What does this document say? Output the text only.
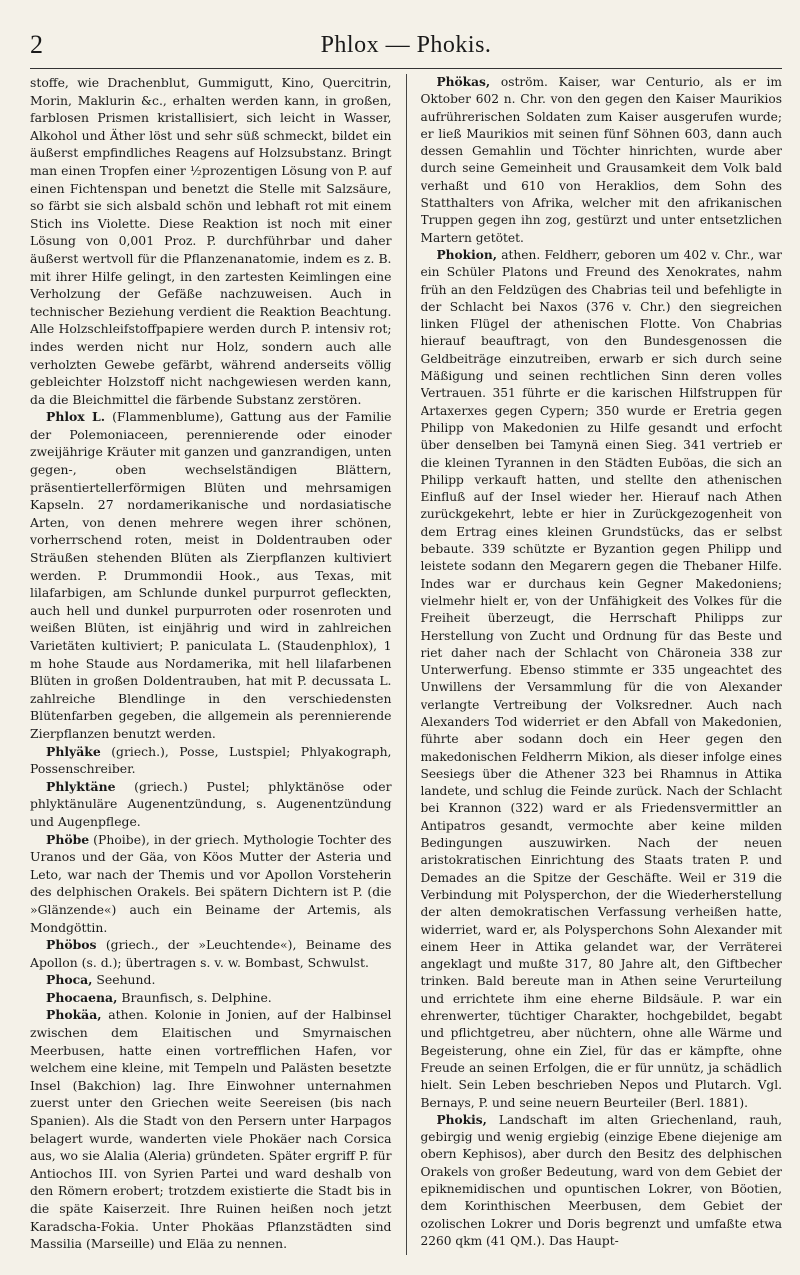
2	Phlox — Phokis.

stoffe, wie Drachenblut, Gummigutt, Kino, Quercitrin, Morin, Maklurin &c., erhalten werden kann, in großen, farblosen Prismen kristallisiert, sich leicht in Wasser, Alkohol und Äther löst und sehr süß schmeckt, bildet ein äußerst empfindliches Reagens auf Holzsubstanz. Bringt man einen Tropfen einer ½prozentigen Lösung von P. auf einen Fichtenspan und benetzt die Stelle mit Salzsäure, so färbt sie sich alsbald schön und lebhaft rot mit einem Stich ins Violette. Diese Reaktion ist noch mit einer Lösung von 0,001 Proz. P. durchführbar und daher äußerst wertvoll für die Pflanzenanatomie, indem es z. B. mit ihrer Hilfe gelingt, in den zartesten Keimlingen eine Verholzung der Gefäße nachzuweisen. Auch in technischer Beziehung verdient die Reaktion Beachtung. Alle Holzschleifstoffpapiere werden durch P. intensiv rot; indes werden nicht nur Holz, sondern auch alle verholzten Gewebe gefärbt, während anderseits völlig gebleichter Holzstoff nicht nachgewiesen werden kann, da die Bleichmittel die färbende Substanz zerstören.

Phlox L. (Flammenblume), Gattung aus der Familie der Polemoniaceen, perennierende oder einoder zweijährige Kräuter mit ganzen und ganzrandigen, unten gegen-, oben wechselständigen Blättern, präsentiertellerförmigen Blüten und mehrsamigen Kapseln. 27 nordamerikanische und nordasiatische Arten, von denen mehrere wegen ihrer schönen, vorherrschend roten, meist in Doldentrauben oder Sträußen stehenden Blüten als Zierpflanzen kultiviert werden. P. Drummondii Hook., aus Texas, mit lilafarbigen, am Schlunde dunkel purpurrot gefleckten, auch hell und dunkel purpurroten oder rosenroten und weißen Blüten, ist einjährig und wird in zahlreichen Varietäten kultiviert; P. paniculata L. (Staudenphlox), 1 m hohe Staude aus Nordamerika, mit hell lilafarbenen Blüten in großen Doldentrauben, hat mit P. decussata L. zahlreiche Blendlinge in den verschiedensten Blütenfarben gegeben, die allgemein als perennierende Zierpflanzen benutzt werden.

Phlyäke (griech.), Posse, Lustspiel; Phlyakograph, Possenschreiber.

Phlyktäne (griech.) Pustel; phlyktänöse oder phlyktänuläre Augenentzündung, s. Augenentzündung und Augenpflege.

Phöbe (Phoibe), in der griech. Mythologie Tochter des Uranos und der Gäa, von Köos Mutter der Asteria und Leto, war nach der Themis und vor Apollon Vorsteherin des delphischen Orakels. Bei spätern Dichtern ist P. (die »Glänzende«) auch ein Beiname der Artemis, als Mondgöttin.

Phöbos (griech., der »Leuchtende«), Beiname des Apollon (s. d.); übertragen s. v. w. Bombast, Schwulst.

Phoca, Seehund.

Phocaena, Braunfisch, s. Delphine.

Phokäa, athen. Kolonie in Jonien, auf der Halbinsel zwischen dem Elaitischen und Smyrnaischen Meerbusen, hatte einen vortrefflichen Hafen, vor welchem eine kleine, mit Tempeln und Palästen besetzte Insel (Bakchion) lag. Ihre Einwohner unternahmen zuerst unter den Griechen weite Seereisen (bis nach Spanien). Als die Stadt von den Persern unter Harpagos belagert wurde, wanderten viele Phokäer nach Corsica aus, wo sie Alalia (Aleria) gründeten. Später ergriff P. für Antiochos III. von Syrien Partei und ward deshalb von den Römern erobert; trotzdem existierte die Stadt bis in die späte Kaiserzeit. Ihre Ruinen heißen noch jetzt Karadscha-Fokia. Unter Phokäas Pflanzstädten sind Massilia (Marseille) und Eläa zu nennen.

Phökas, oström. Kaiser, war Centurio, als er im Oktober 602 n. Chr. von den gegen den Kaiser Maurikios aufrührerischen Soldaten zum Kaiser ausgerufen wurde; er ließ Maurikios mit seinen fünf Söhnen 603, dann auch dessen Gemahlin und Töchter hinrichten, wurde aber durch seine Gemeinheit und Grausamkeit dem Volk bald verhaßt und 610 von Heraklios, dem Sohn des Statthalters von Afrika, welcher mit den afrikanischen Truppen gegen ihn zog, gestürzt und unter entsetzlichen Martern getötet.

Phokion, athen. Feldherr, geboren um 402 v. Chr., war ein Schüler Platons und Freund des Xenokrates, nahm früh an den Feldzügen des Chabrias teil und befehligte in der Schlacht bei Naxos (376 v. Chr.) den siegreichen linken Flügel der athenischen Flotte. Von Chabrias hierauf beauftragt, von den Bundesgenossen die Geldbeiträge einzutreiben, erwarb er sich durch seine Mäßigung und seinen rechtlichen Sinn deren volles Vertrauen. 351 führte er die karischen Hilfstruppen für Artaxerxes gegen Cypern; 350 wurde er Eretria gegen Philipp von Makedonien zu Hilfe gesandt und erfocht über denselben bei Tamynä einen Sieg. 341 vertrieb er die kleinen Tyrannen in den Städten Euböas, die sich an Philipp verkauft hatten, und stellte den athenischen Einfluß auf der Insel wieder her. Hierauf nach Athen zurückgekehrt, lebte er hier in Zurückgezogenheit von dem Ertrag eines kleinen Grundstücks, das er selbst bebaute. 339 schützte er Byzantion gegen Philipp und leistete sodann den Megarern gegen die Thebaner Hilfe. Indes war er durchaus kein Gegner Makedoniens; vielmehr hielt er, von der Unfähigkeit des Volkes für die Freiheit überzeugt, die Herrschaft Philipps zur Herstellung von Zucht und Ordnung für das Beste und riet daher nach der Schlacht von Chäroneia 338 zur Unterwerfung. Ebenso stimmte er 335 ungeachtet des Unwillens der Versammlung für die von Alexander verlangte Vertreibung der Volksredner. Auch nach Alexanders Tod widerriet er den Abfall von Makedonien, führte aber sodann doch ein Heer gegen den makedonischen Feldherrn Mikion, als dieser infolge eines Seesiegs über die Athener 323 bei Rhamnus in Attika landete, und schlug die Feinde zurück. Nach der Schlacht bei Krannon (322) ward er als Friedensvermittler an Antipatros gesandt, vermochte aber keine milden Bedingungen auszuwirken. Nach der neuen aristokratischen Einrichtung des Staats traten P. und Demades an die Spitze der Geschäfte. Weil er 319 die Verbindung mit Polysperchon, der die Wiederherstellung der alten demokratischen Verfassung verheißen hatte, widerriet, ward er, als Polysperchons Sohn Alexander mit einem Heer in Attika gelandet war, der Verräterei angeklagt und mußte 317, 80 Jahre alt, den Giftbecher trinken. Bald bereute man in Athen seine Verurteilung und errichtete ihm eine eherne Bildsäule. P. war ein ehrenwerter, tüchtiger Charakter, hochgebildet, begabt und pflichtgetreu, aber nüchtern, ohne alle Wärme und Begeisterung, ohne ein Ziel, für das er kämpfte, ohne Freude an seinen Erfolgen, die er für unnütz, ja schädlich hielt. Sein Leben beschrieben Nepos und Plutarch. Vgl. Bernays, P. und seine neuern Beurteiler (Berl. 1881).

Phokis, Landschaft im alten Griechenland, rauh, gebirgig und wenig ergiebig (einzige Ebene diejenige am obern Kephisos), aber durch den Besitz des delphischen Orakels von großer Bedeutung, ward von dem Gebiet der epiknemidischen und opuntischen Lokrer, von Böotien, dem Korinthischen Meerbusen, dem Gebiet der ozolischen Lokrer und Doris begrenzt und umfaßte etwa 2260 qkm (41 QM.). Das Haupt-
